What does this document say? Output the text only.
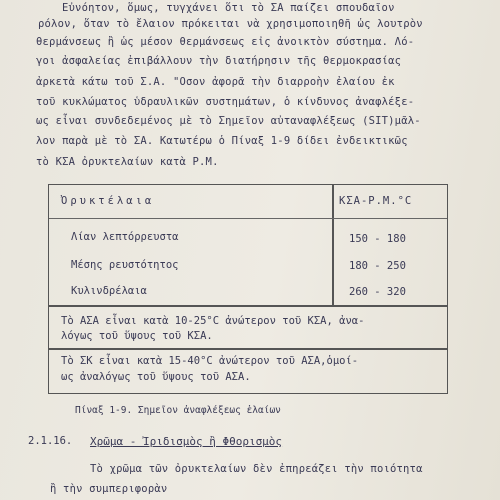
Εὐνόητον, ὅμως, τυγχάνει ὅτι τὸ ΣΑ παίζει σπουδαῖον
ρόλον, ὅταν τὸ ἔλαιον πρόκειται νὰ χρησιμοποιηθῆ ὡς λουτρὸν
θερμάνσεως ἢ ὡς μέσον θερμάνσεως εἰς ἀνοικτὸν σύστημα. Λό-
γοι ἀσφαλείας ἐπιβάλλουν τὴν διατήρησιν τῆς θερμοκρασίας
ἀρκετὰ κάτω τοῦ Σ.Α. "Οσον ἀφορᾶ τὴν διαρροὴν ἐλαίου ἐκ
τοῦ κυκλώματος ὑδραυλικῶν συστημάτων, ὁ κίνδυνος ἀναφλέξε-
ως εἶναι συνδεδεμένος μὲ τὸ Σημεῖον αὐταναφλέξεως (SIT)μᾶλ-
λον παρὰ μὲ τὸ ΣΑ. Κατωτέρω ὁ Πίναξ 1-9 δίδει ἐνδεικτικῶς
τὸ ΚΣΑ ὀρυκτελαίων κατὰ Ρ.Μ.
Ὀρυκτέλαια	ΚΣΑ-Ρ.Μ.°C
Λίαν λεπτόρρευστα	150 - 180
Μέσης ρευστότητος	180 - 250
Κυλινδρέλαια	260 - 320
Τὸ ΑΣΑ εἶναι κατὰ 10-25°C ἀνώτερον τοῦ ΚΣΑ, ἀνα-
λόγως τοῦ ὕψους τοῦ ΚΣΑ.
Τὸ ΣΚ εἶναι κατὰ 15-40°C ἀνώτερον τοῦ ΑΣΑ,ὁμοί-
ως ἀναλόγως τοῦ ὕψους τοῦ ΑΣΑ.
Πίναξ 1-9. Σημεῖον ἀναφλέξεως ἐλαίων
2.1.16. Χρῶμα - Ἰριδισμὸς ἢ Φθορισμὸς
Τὸ χρῶμα τῶν ὀρυκτελαίων δὲν ἐπηρεάζει τὴν ποιότητα
ἢ τὴν συμπεριφορὰν
